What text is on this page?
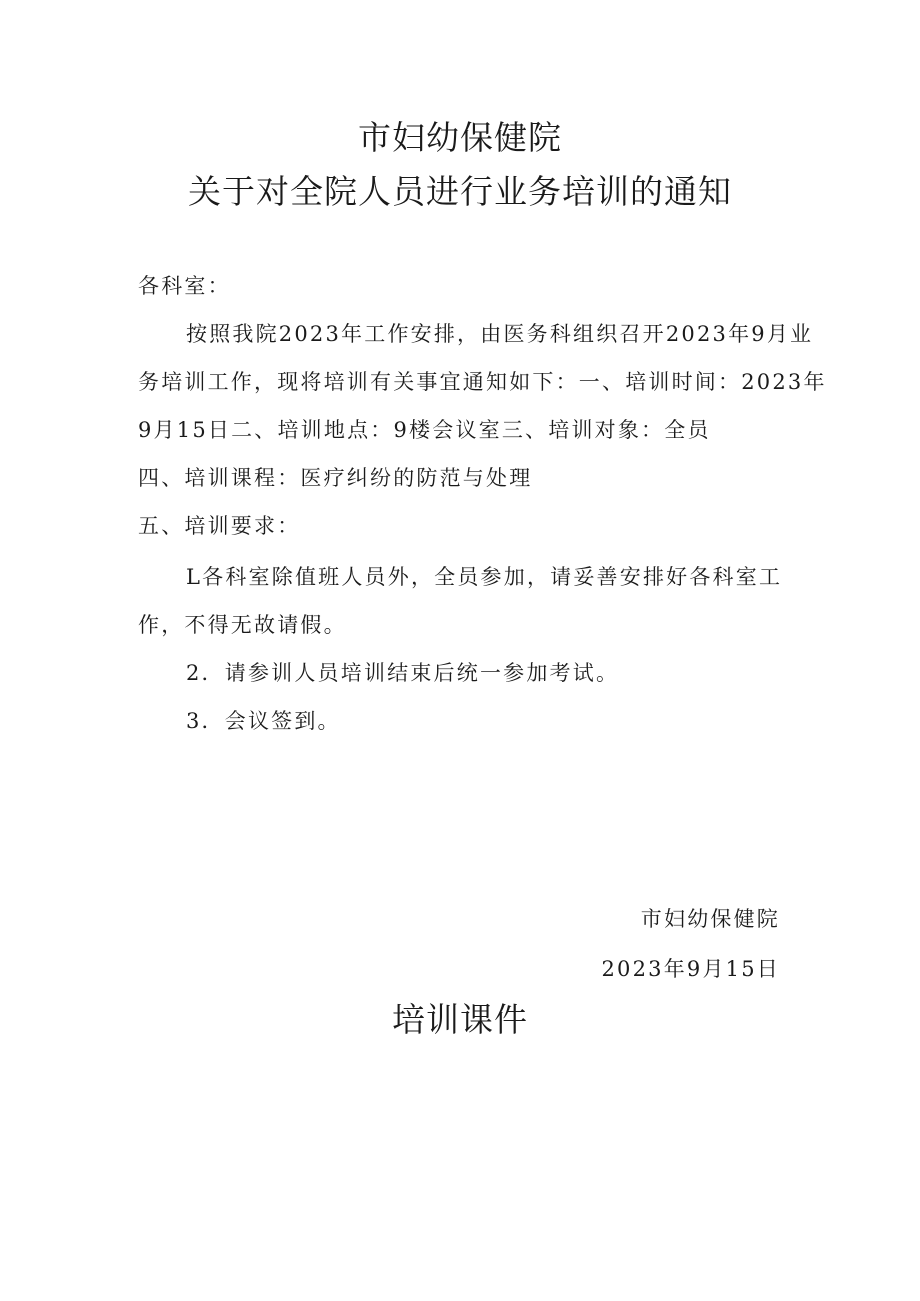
市妇幼保健院
关于对全院人员进行业务培训的通知
各科室：
按照我院2023年工作安排，由医务科组织召开2023年9月业
务培训工作，现将培训有关事宜通知如下：一、培训时间：2023年
9月15日二、培训地点：9楼会议室三、培训对象：全员
四、培训课程：医疗纠纷的防范与处理
五、培训要求：
L各科室除值班人员外，全员参加，请妥善安排好各科室工
作，不得无故请假。
2．请参训人员培训结束后统一参加考试。
3．会议签到。
市妇幼保健院
2023年9月15日
培训课件
